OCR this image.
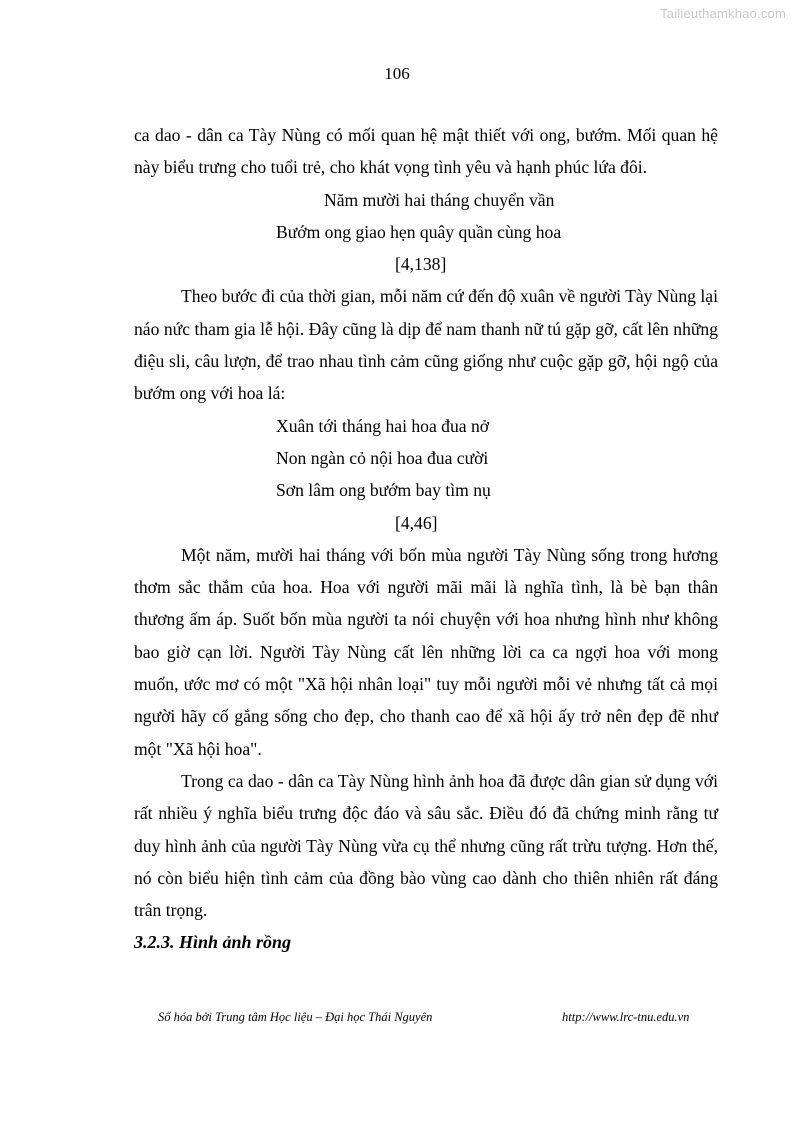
Tailieuthamkhao.com
106

ca dao - dân ca Tày Nùng có mối quan hệ mật thiết với ong, bướm. Mối quan hệ này biểu trưng cho tuổi trẻ, cho khát vọng tình yêu và hạnh phúc lứa đôi.

Năm mười hai tháng chuyển vần
Bướm ong giao hẹn quây quần cùng hoa
[4,138]

Theo bước đi của thời gian, mỗi năm cứ đến độ xuân về người Tày Nùng lại náo nức tham gia lễ hội. Đây cũng là dịp để nam thanh nữ tú gặp gỡ, cất lên những điệu sli, câu lượn, để trao nhau tình cảm cũng giống như cuộc gặp gỡ, hội ngộ của bướm ong với hoa lá:

Xuân tới tháng hai hoa đua nở
Non ngàn cỏ nội hoa đua cười
Sơn lâm ong bướm bay tìm nụ
[4,46]

Một năm, mười hai tháng với bốn mùa người Tày Nùng sống trong hương thơm sắc thắm của hoa. Hoa với người mãi mãi là nghĩa tình, là bè bạn thân thương ấm áp. Suốt bốn mùa người ta nói chuyện với hoa nhưng hình như không bao giờ cạn lời. Người Tày Nùng cất lên những lời ca ca ngợi hoa với mong muốn, ước mơ có một "Xã hội nhân loại" tuy mỗi người mỗi vẻ nhưng tất cả mọi người hãy cố gắng sống cho đẹp, cho thanh cao để xã hội ấy trở nên đẹp đẽ như một "Xã hội hoa".

Trong ca dao - dân ca Tày Nùng hình ảnh hoa đã được dân gian sử dụng với rất nhiều ý nghĩa biểu trưng độc đáo và sâu sắc. Điều đó đã chứng minh rằng tư duy hình ảnh của người Tày Nùng vừa cụ thể nhưng cũng rất trừu tượng. Hơn thế, nó còn biểu hiện tình cảm của đồng bào vùng cao dành cho thiên nhiên rất đáng trân trọng.

3.2.3. Hình ảnh rồng

Số hóa bởi Trung tâm Học liệu – Đại học Thái Nguyên	http://www.lrc-tnu.edu.vn
